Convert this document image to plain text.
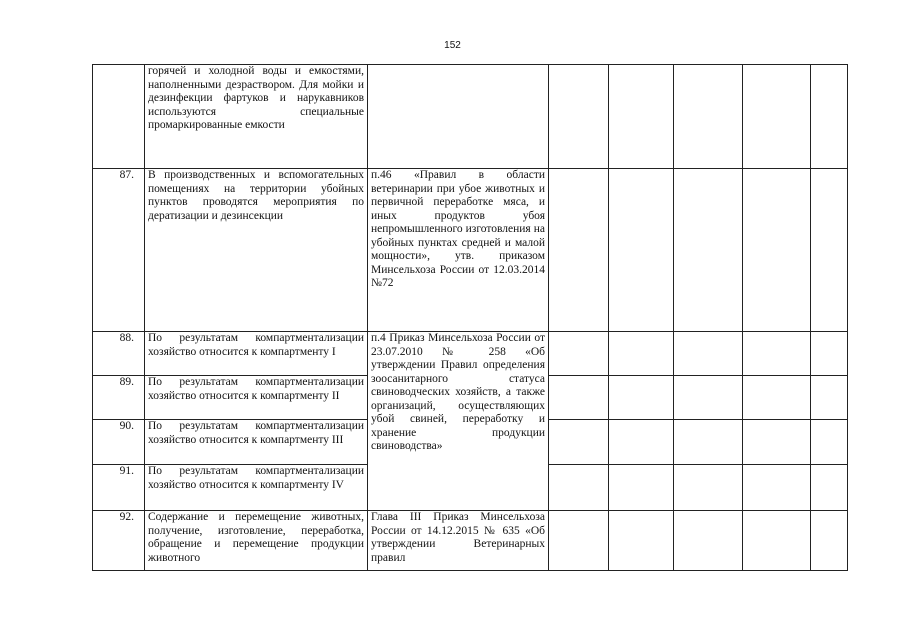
152
	горячей и холодной воды и емкостями, наполненными дезраствором. Для мойки и дезинфекции фартуков и нарукавников используются специальные промаркированные емкости						
87.	В производственных и вспомогательных помещениях на территории убойных пунктов проводятся мероприятия по дератизации и дезинсекции	п.46 «Правил в области ветеринарии при убое животных и первичной переработке мяса, и иных продуктов убоя непромышленного изготовления на убойных пунктах средней и малой мощности», утв. приказом Минсельхоза России от 12.03.2014 №72					
88.	По результатам компартментализации хозяйство относится к компартменту I	п.4 Приказ Минсельхоза России от 23.07.2010 № 258 «Об утверждении Правил определения зоосанитарного статуса свиноводческих хозяйств, а также организаций, осуществляющих убой свиней, переработку и хранение продукции свиноводства»					
89.	По результатам компартментализации хозяйство относится к компартменту II						
90.	По результатам компартментализации хозяйство относится к компартменту III						
91.	По результатам компартментализации хозяйство относится к компартменту IV						
92.	Содержание и перемещение животных, получение, изготовление, переработка, обращение и перемещение продукции животного	Глава III Приказ Минсельхоза России от 14.12.2015 № 635 «Об утверждении Ветеринарных правил					
